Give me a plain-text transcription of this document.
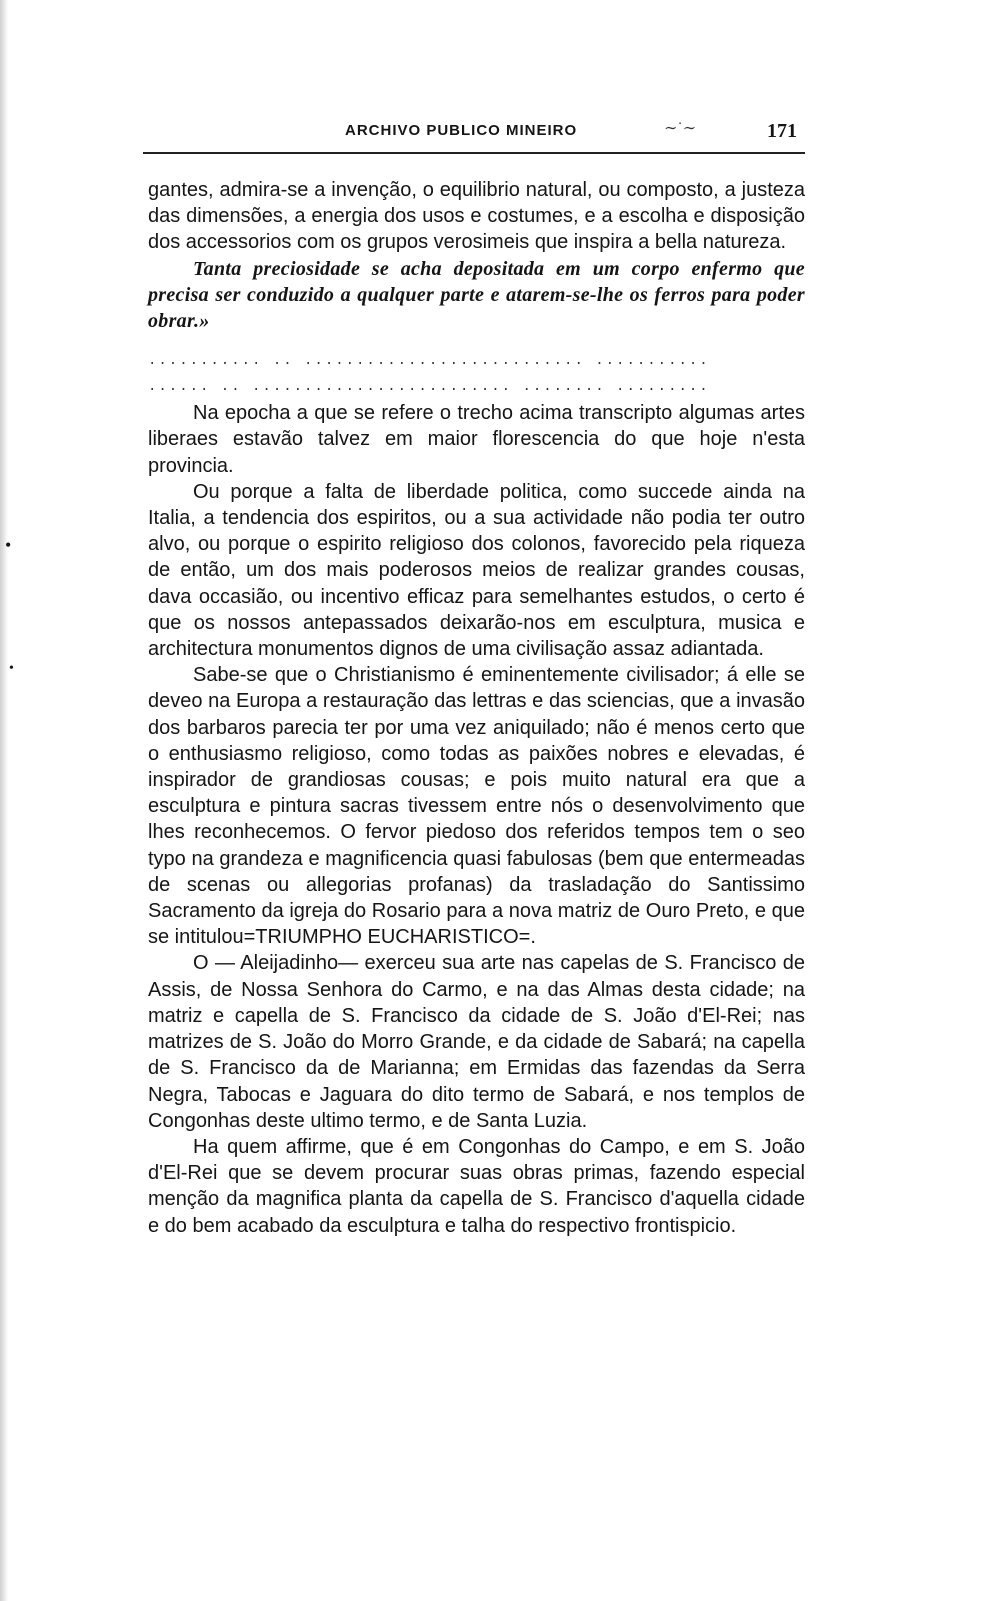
•
•
ARCHIVO PUBLICO MINEIRO	∼˙∼	171

gantes, admira-se a invenção, o equilibrio natural, ou composto, a justeza das dimensões, a energia dos usos e costumes, e a escolha e disposição dos accessorios com os grupos verosimeis que inspira a bella natureza.

Tanta preciosidade se acha depositada em um corpo enfermo que precisa ser conduzido a qualquer parte e atarem-se-lhe os ferros para poder obrar.»

........... .. ........................... ...........

...... .. ......................... ........ .........

Na epocha a que se refere o trecho acima transcripto algumas artes liberaes estavão talvez em maior florescencia do que hoje n'esta provincia.

Ou porque a falta de liberdade politica, como succede ainda na Italia, a tendencia dos espiritos, ou a sua actividade não podia ter outro alvo, ou porque o espirito religioso dos colonos, favorecido pela riqueza de então, um dos mais poderosos meios de realizar grandes cousas, dava occasião, ou incentivo efficaz para semelhantes estudos, o certo é que os nossos antepassados deixarão-nos em esculptura, musica e architectura monumentos dignos de uma civilisação assaz adiantada.

Sabe-se que o Christianismo é eminentemente civilisador; á elle se deveo na Europa a restauração das lettras e das sciencias, que a invasão dos barbaros parecia ter por uma vez aniquilado; não é menos certo que o enthusiasmo religioso, como todas as paixões nobres e elevadas, é inspirador de grandiosas cousas; e pois muito natural era que a esculptura e pintura sacras tivessem entre nós o desenvolvimento que lhes reconhecemos. O fervor piedoso dos referidos tempos tem o seo typo na grandeza e magnificencia quasi fabulosas (bem que entermeadas de scenas ou allegorias profanas) da trasladação do Santissimo Sacramento da igreja do Rosario para a nova matriz de Ouro Preto, e que se intitulou=TRIUMPHO EUCHARISTICO=.

O — Aleijadinho— exerceu sua arte nas capelas de S. Francisco de Assis, de Nossa Senhora do Carmo, e na das Almas desta cidade; na matriz e capella de S. Francisco da cidade de S. João d'El-Rei; nas matrizes de S. João do Morro Grande, e da cidade de Sabará; na capella de S. Francisco da de Marianna; em Ermidas das fazendas da Serra Negra, Tabocas e Jaguara do dito termo de Sabará, e nos templos de Congonhas deste ultimo termo, e de Santa Luzia.

Ha quem affirme, que é em Congonhas do Campo, e em S. João d'El-Rei que se devem procurar suas obras primas, fazendo especial menção da magnifica planta da capella de S. Francisco d'aquella cidade e do bem acabado da esculptura e talha do respectivo frontispicio.
